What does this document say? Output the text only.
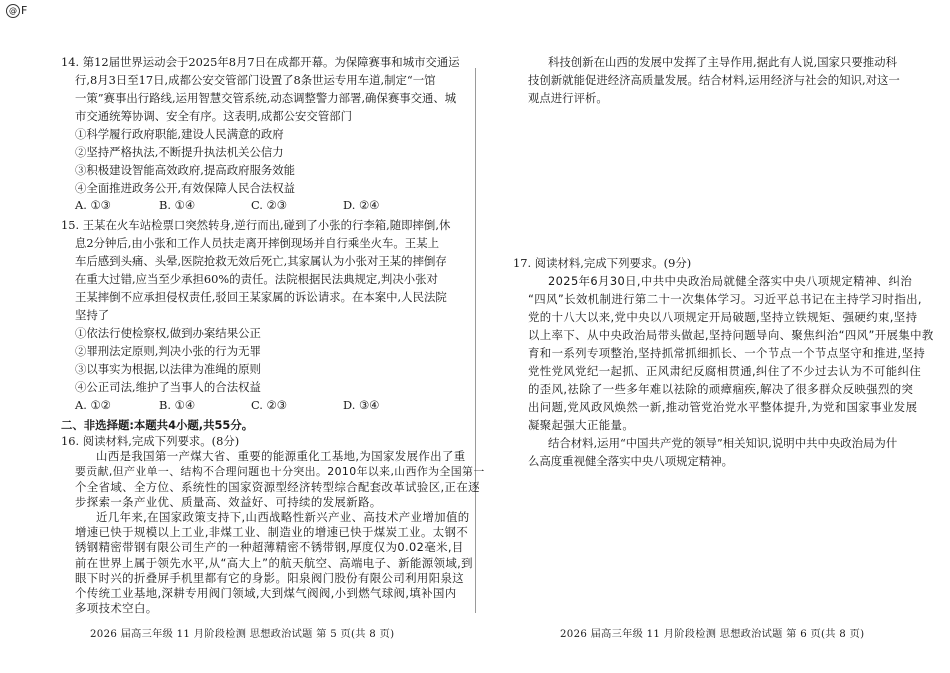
@ F
14. 第12届世界运动会于2025年8月7日在成都开幕。为保障赛事和城市交通运
行,8月3日至17日,成都公安交管部门设置了8条世运专用车道,制定“一馆
一策”赛事出行路线,运用智慧交管系统,动态调整警力部署,确保赛事交通、城
市交通统筹协调、安全有序。这表明,成都公安交管部门
①科学履行政府职能,建设人民满意的政府
②坚持严格执法,不断提升执法机关公信力
③积极建设智能高效政府,提高政府服务效能
④全面推进政务公开,有效保障人民合法权益
A. ①③	B. ①④	C. ②③	D. ②④
15. 王某在火车站检票口突然转身,逆行而出,碰到了小张的行李箱,随即摔倒,休
息2分钟后,由小张和工作人员扶走离开摔倒现场并自行乘坐火车。王某上
车后感到头痛、头晕,医院抢救无效后死亡,其家属认为小张对王某的摔倒存
在重大过错,应当至少承担60%的责任。法院根据民法典规定,判决小张对
王某摔倒不应承担侵权责任,驳回王某家属的诉讼请求。在本案中,人民法院
坚持了
①依法行使检察权,做到办案结果公正
②罪刑法定原则,判决小张的行为无罪
③以事实为根据,以法律为准绳的原则
④公正司法,维护了当事人的合法权益
A. ①②	B. ①④	C. ②③	D. ③④
二、非选择题:本题共4小题,共55分。
16. 阅读材料,完成下列要求。(8分)
山西是我国第一产煤大省、重要的能源重化工基地,为国家发展作出了重
要贡献,但产业单一、结构不合理问题也十分突出。2010年以来,山西作为全国第一
个全省域、全方位、系统性的国家资源型经济转型综合配套改革试验区,正在逐
步探索一条产业优、质量高、效益好、可持续的发展新路。
近几年来,在国家政策支持下,山西战略性新兴产业、高技术产业增加值的
增速已快于规模以上工业,非煤工业、制造业的增速已快于煤炭工业。太钢不
锈钢精密带钢有限公司生产的一种超薄精密不锈带钢,厚度仅为0.02毫米,目
前在世界上属于领先水平,从“高大上”的航天航空、高端电子、新能源领域,到
眼下时兴的折叠屏手机里都有它的身影。阳泉阀门股份有限公司利用阳泉这
个传统工业基地,深耕专用阀门领域,大到煤气阀阀,小到燃气球阀,填补国内
多项技术空白。
2026 届高三年级 11 月阶段检测 思想政治试题 第 5 页(共 8 页)
科技创新在山西的发展中发挥了主导作用,据此有人说,国家只要推动科
技创新就能促进经济高质量发展。结合材料,运用经济与社会的知识,对这一
观点进行评析。
17. 阅读材料,完成下列要求。(9分)
2025年6月30日,中共中央政治局就健全落实中央八项规定精神、纠治
“四风”长效机制进行第二十一次集体学习。习近平总书记在主持学习时指出,
党的十八大以来,党中央以八项规定开局破题,坚持立铁规矩、强硬约束,坚持
以上率下、从中央政治局带头做起,坚持问题导向、聚焦纠治“四风”开展集中教
育和一系列专项整治,坚持抓常抓细抓长、一个节点一个节点坚守和推进,坚持
党性党风党纪一起抓、正风肃纪反腐相贯通,纠住了不少过去认为不可能纠住
的歪风,祛除了一些多年难以祛除的顽瘴痼疾,解决了很多群众反映强烈的突
出问题,党风政风焕然一新,推动管党治党水平整体提升,为党和国家事业发展
凝聚起强大正能量。
结合材料,运用“中国共产党的领导”相关知识,说明中共中央政治局为什
么高度重视健全落实中央八项规定精神。
2026 届高三年级 11 月阶段检测 思想政治试题 第 6 页(共 8 页)
